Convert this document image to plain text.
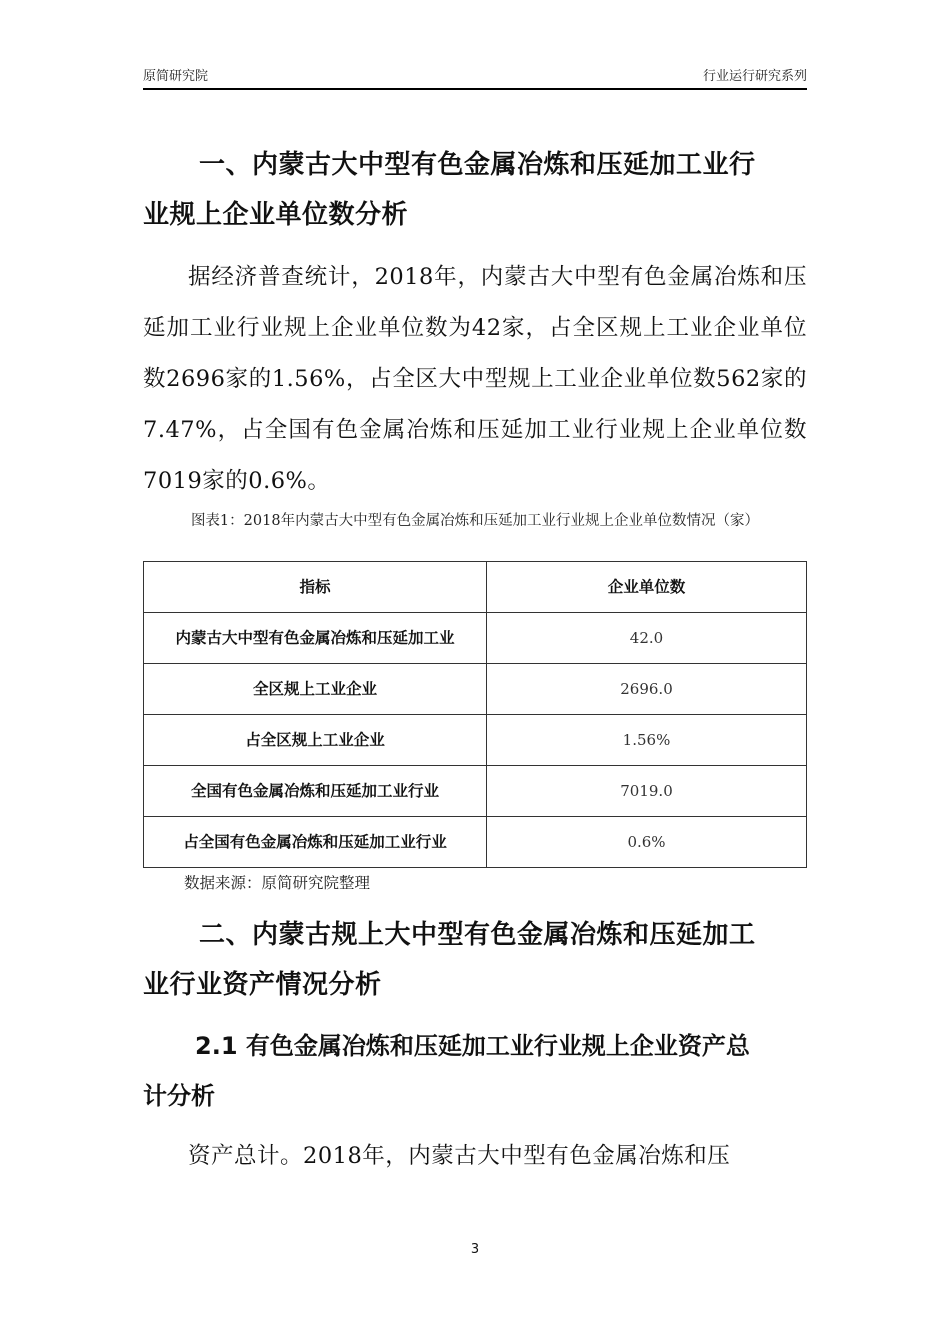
原简研究院	行业运行研究系列
一、内蒙古大中型有色金属冶炼和压延加工业行
业规上企业单位数分析

据经济普查统计，2018年，内蒙古大中型有色金属冶炼和压延加工业行业规上企业单位数为42家，占全区规上工业企业单位数2696家的1.56%，占全区大中型规上工业企业单位数562家的7.47%，占全国有色金属冶炼和压延加工业行业规上企业单位数7019家的0.6%。

图表1：2018年内蒙古大中型有色金属冶炼和压延加工业行业规上企业单位数情况（家）
指标	企业单位数
内蒙古大中型有色金属冶炼和压延加工业	42.0
全区规上工业企业	2696.0
占全区规上工业企业	1.56%
全国有色金属冶炼和压延加工业行业	7019.0
占全国有色金属冶炼和压延加工业行业	0.6%
数据来源：原简研究院整理
二、内蒙古规上大中型有色金属冶炼和压延加工
业行业资产情况分析
2.1 有色金属冶炼和压延加工业行业规上企业资产总
计分析

资产总计。2018年，内蒙古大中型有色金属冶炼和压

3
